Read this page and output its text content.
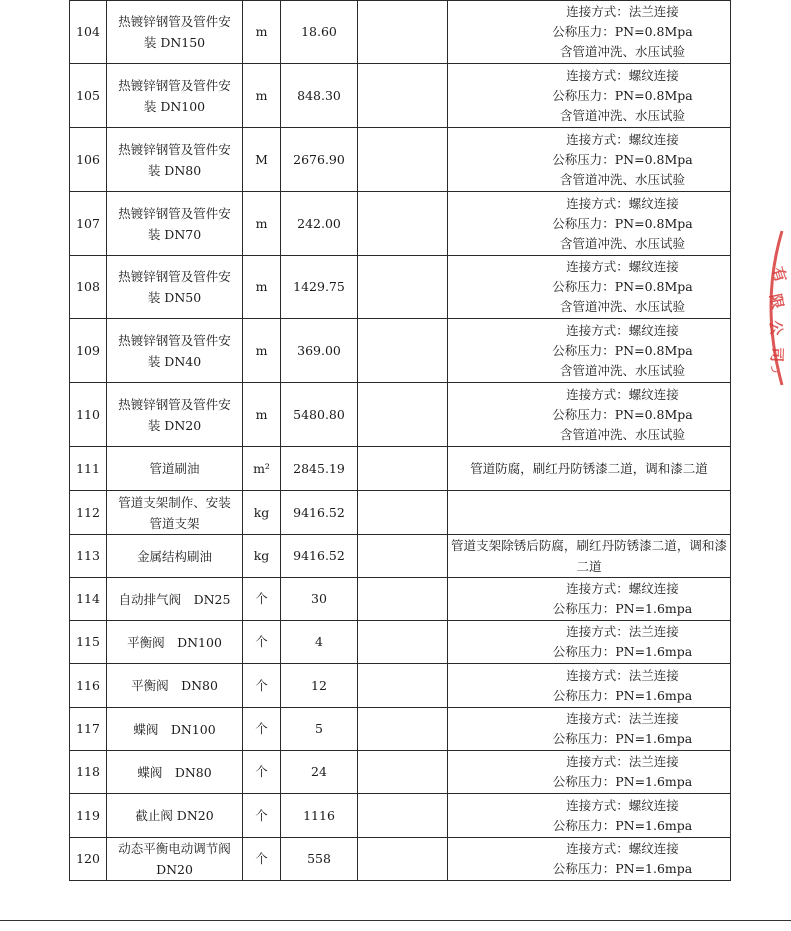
104	热镀锌钢管及管件安
装 DN150	m	18.60		连接方式：法兰连接
公称压力：PN=0.8Mpa
含管道冲洗、水压试验

105	热镀锌钢管及管件安
装 DN100	m	848.30		连接方式：螺纹连接
公称压力：PN=0.8Mpa
含管道冲洗、水压试验

106	热镀锌钢管及管件安
装 DN80	M	2676.90		连接方式：螺纹连接
公称压力：PN=0.8Mpa
含管道冲洗、水压试验

107	热镀锌钢管及管件安
装 DN70	m	242.00		连接方式：螺纹连接
公称压力：PN=0.8Mpa
含管道冲洗、水压试验

108	热镀锌钢管及管件安
装 DN50	m	1429.75		连接方式：螺纹连接
公称压力：PN=0.8Mpa
含管道冲洗、水压试验

109	热镀锌钢管及管件安
装 DN40	m	369.00		连接方式：螺纹连接
公称压力：PN=0.8Mpa
含管道冲洗、水压试验

110	热镀锌钢管及管件安
装 DN20	m	5480.80		连接方式：螺纹连接
公称压力：PN=0.8Mpa
含管道冲洗、水压试验

111	管道刷油	m²	2845.19		管道防腐，刷红丹防锈漆二道，调和漆二道

112	管道支架制作、安装
管道支架	kg	9416.52		
113	金属结构刷油	kg	9416.52		管道支架除锈后防腐，刷红丹防锈漆二道，调和漆二道
114	自动排气阀　DN25	个	30		连接方式：螺纹连接
公称压力：PN=1.6mpa

115	平衡阀　DN100	个	4		连接方式：法兰连接
公称压力：PN=1.6mpa

116	平衡阀　DN80	个	12		连接方式：法兰连接
公称压力：PN=1.6mpa

117	蝶阀　DN100	个	5		连接方式：法兰连接
公称压力：PN=1.6mpa

118	蝶阀　DN80	个	24		连接方式：法兰连接
公称压力：PN=1.6mpa

119	截止阀 DN20	个	1116		连接方式：螺纹连接
公称压力：PN=1.6mpa

120	动态平衡电动调节阀
DN20	个	558		连接方式：螺纹连接
公称压力：PN=1.6mpa
有
限
公
司
ر
